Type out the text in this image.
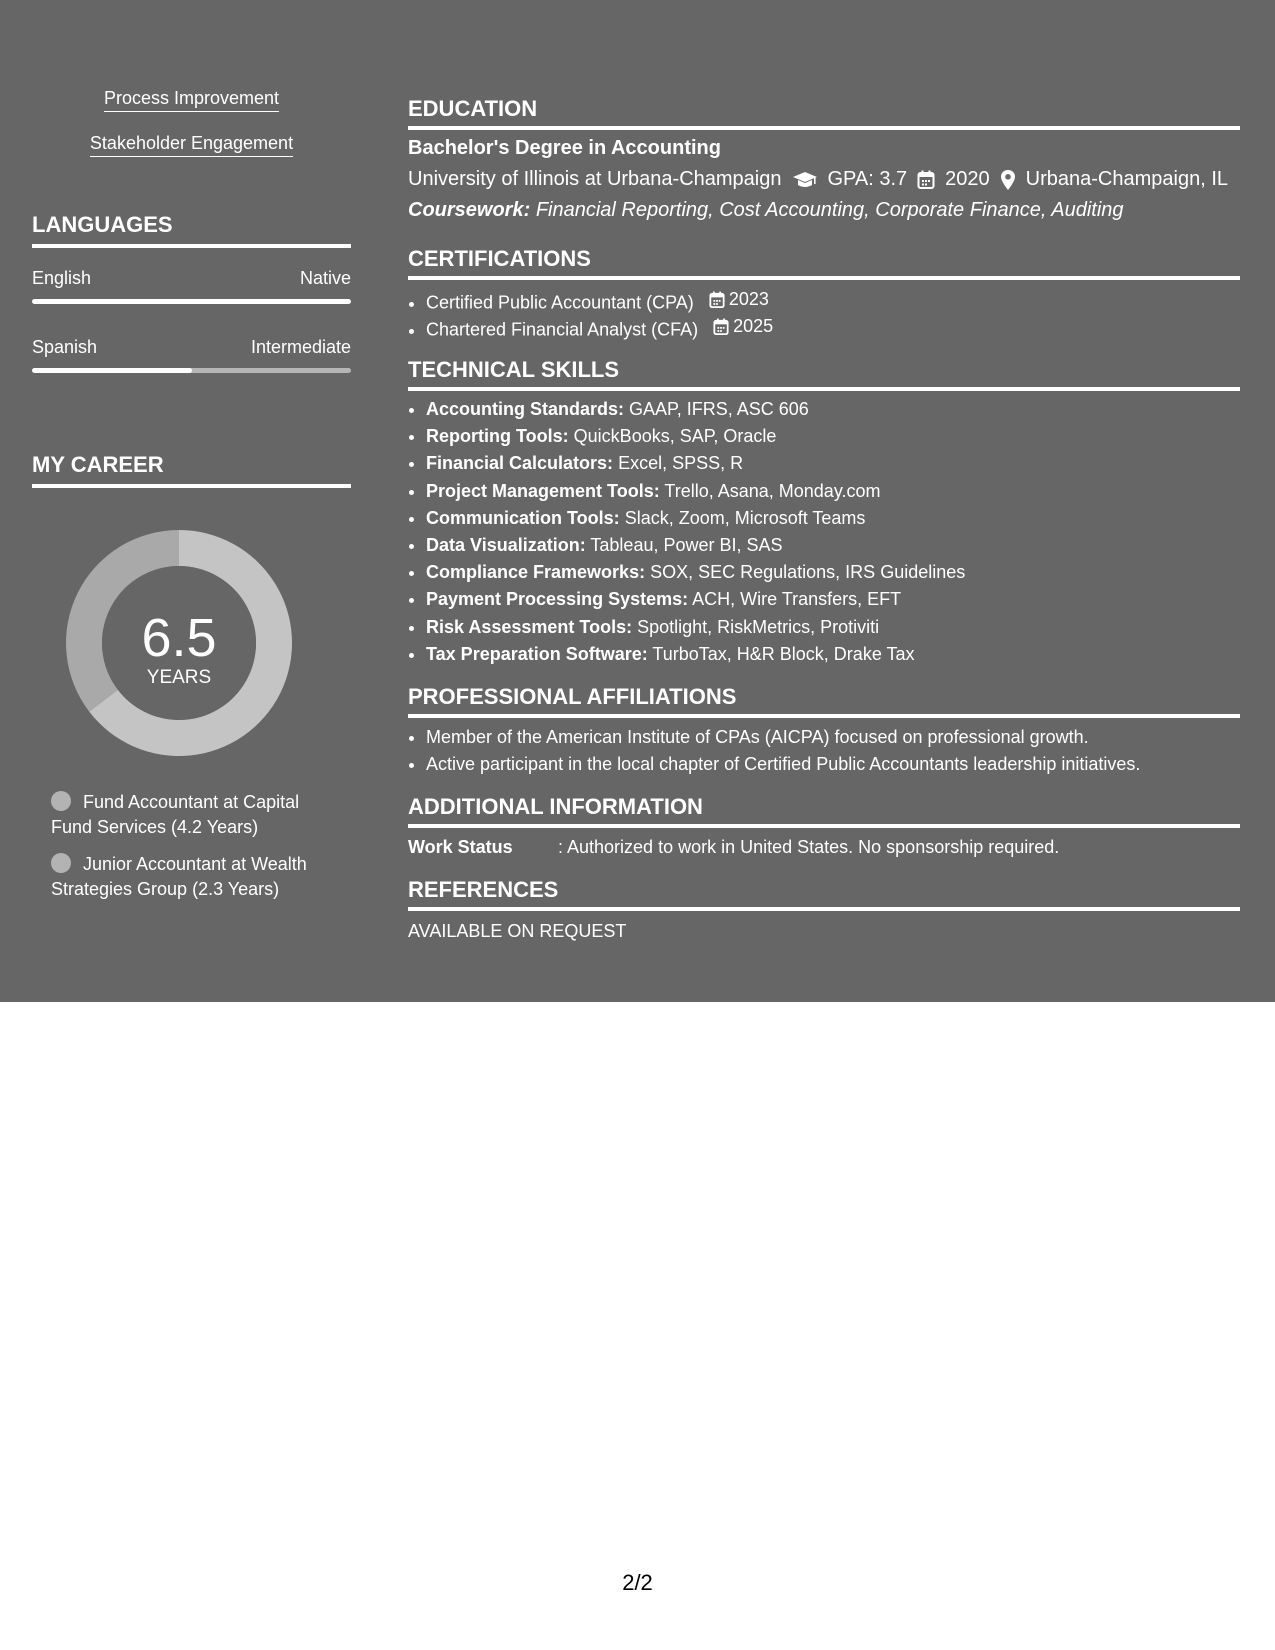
Process Improvement
Stakeholder Engagement
LANGUAGES
English	Native
Spanish	Intermediate
MY CAREER
6.5
YEARS
Fund Accountant at Capital Fund Services (4.2 Years)
Junior Accountant at Wealth Strategies Group (2.3 Years)
EDUCATION
Bachelor's Degree in Accounting
University of Illinois at Urbana-Champaign GPA: 3.7 2020 Urbana-Champaign, IL
Coursework: Financial Reporting, Cost Accounting, Corporate Finance, Auditing
CERTIFICATIONS
• Certified Public Accountant (CPA) 2023
• Chartered Financial Analyst (CFA) 2025
TECHNICAL SKILLS
• Accounting Standards: GAAP, IFRS, ASC 606
• Reporting Tools: QuickBooks, SAP, Oracle
• Financial Calculators: Excel, SPSS, R
• Project Management Tools: Trello, Asana, Monday.com
• Communication Tools: Slack, Zoom, Microsoft Teams
• Data Visualization: Tableau, Power BI, SAS
• Compliance Frameworks: SOX, SEC Regulations, IRS Guidelines
• Payment Processing Systems: ACH, Wire Transfers, EFT
• Risk Assessment Tools: Spotlight, RiskMetrics, Protiviti
• Tax Preparation Software: TurboTax, H&R Block, Drake Tax
PROFESSIONAL AFFILIATIONS
• Member of the American Institute of CPAs (AICPA) focused on professional growth.
• Active participant in the local chapter of Certified Public Accountants leadership initiatives.
ADDITIONAL INFORMATION
Work Status	: Authorized to work in United States. No sponsorship required.
REFERENCES
AVAILABLE ON REQUEST
2/2
